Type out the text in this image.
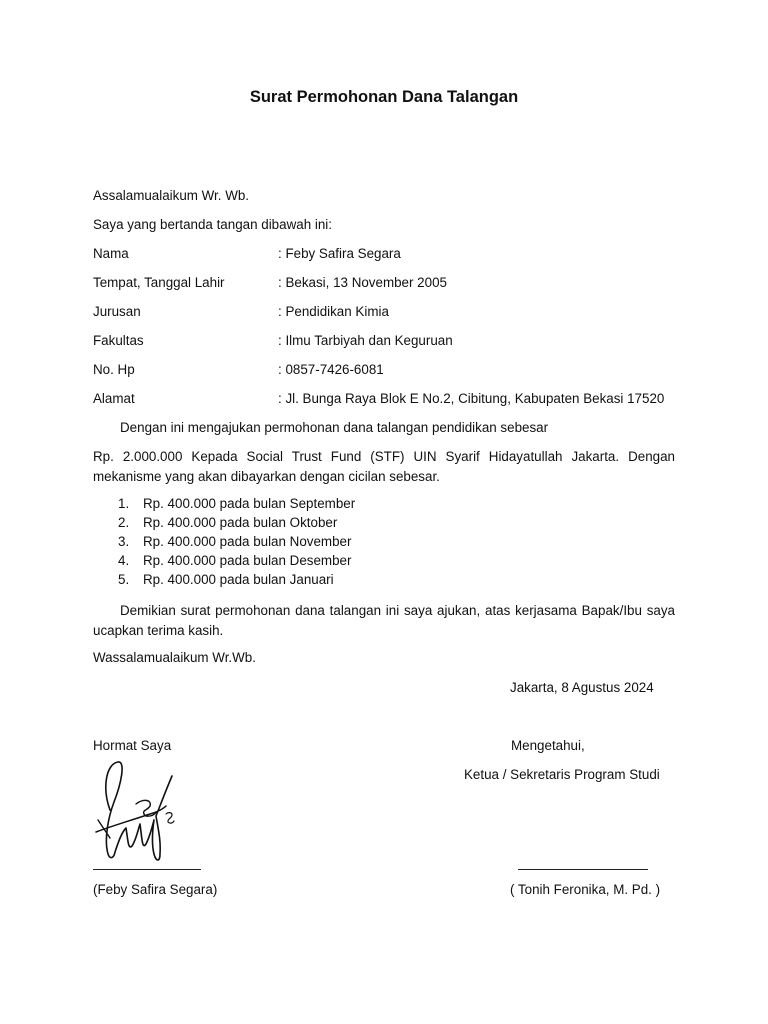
Surat Permohonan Dana Talangan
Assalamualaikum Wr. Wb.
Saya yang bertanda tangan dibawah ini:
Nama	: Feby Safira Segara
Tempat, Tanggal Lahir	: Bekasi, 13 November 2005
Jurusan	: Pendidikan Kimia
Fakultas	: Ilmu Tarbiyah dan Keguruan
No. Hp	: 0857-7426-6081
Alamat	: Jl. Bunga Raya Blok E No.2, Cibitung, Kabupaten Bekasi 17520
Dengan ini mengajukan permohonan dana talangan pendidikan sebesar
Rp. 2.000.000 Kepada Social Trust Fund (STF) UIN Syarif Hidayatullah Jakarta. Dengan mekanisme yang akan dibayarkan dengan cicilan sebesar.
1. Rp. 400.000 pada bulan September
2. Rp. 400.000 pada bulan Oktober
3. Rp. 400.000 pada bulan November
4. Rp. 400.000 pada bulan Desember
5. Rp. 400.000 pada bulan Januari
Demikian surat permohonan dana talangan ini saya ajukan, atas kerjasama Bapak/Ibu saya ucapkan terima kasih.
Wassalamualaikum Wr.Wb.
Jakarta, 8 Agustus 2024
Hormat Saya	Mengetahui,
Ketua / Sekretaris Program Studi
(Feby Safira Segara)	( Tonih Feronika, M. Pd. )
